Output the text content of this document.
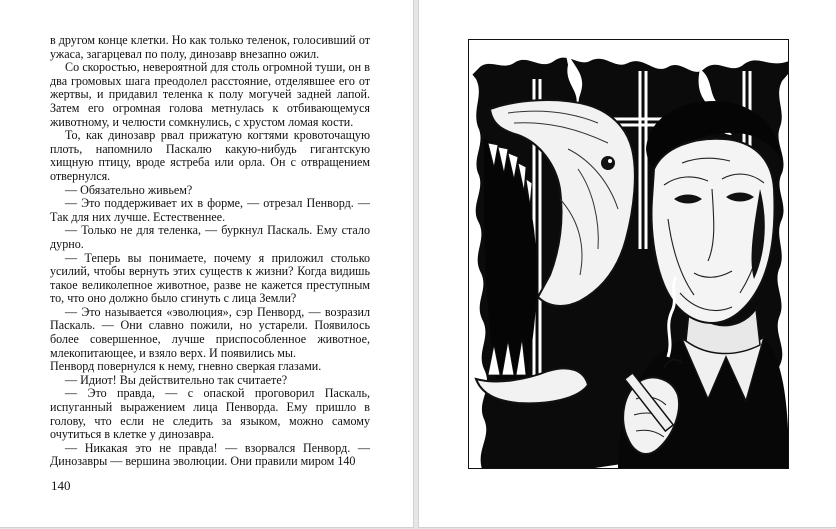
в другом конце клетки. Но как только теленок, голосивший от ужаса, загарцевал по полу, динозавр внезапно ожил.

Со скоростью, невероятной для столь огромной туши, он в два громовых шага преодолел расстояние, отделявшее его от жертвы, и придавил теленка к полу могучей задней лапой. Затем его огромная голова метнулась к отбивающемуся животному, и челюсти сомкнулись, с хрустом ломая кости.

То, как динозавр рвал прижатую когтями кровоточащую плоть, напомнило Паскалю какую-нибудь гигантскую хищную птицу, вроде ястреба или орла. Он с отвращением отвернулся.

— Обязательно живьем?

— Это поддерживает их в форме, — отрезал Пенворд. — Так для них лучше. Естественнее.

— Только не для теленка, — буркнул Паскаль. Ему стало дурно.

— Теперь вы понимаете, почему я приложил столько усилий, чтобы вернуть этих существ к жизни? Когда видишь такое великолепное животное, разве не кажется преступным то, что оно должно было сгинуть с лица Земли?

— Это называется «эволюция», сэр Пенворд, — возразил Паскаль. — Они славно пожили, но устарели. Появилось более совершенное, лучше приспособленное животное, млекопитающее, и взяло верх. И появились мы.

Пенворд повернулся к нему, гневно сверкая глазами.

— Идиот! Вы действительно так считаете?

— Это правда, — с опаской проговорил Паскаль, испуганный выражением лица Пенворда. Ему пришло в голову, что если не следить за языком, можно самому очутиться в клетке у динозавра.

— Никакая это не правда! — взорвался Пенворд. — Динозавры — вершина эволюции. Они правили миром 140

140
